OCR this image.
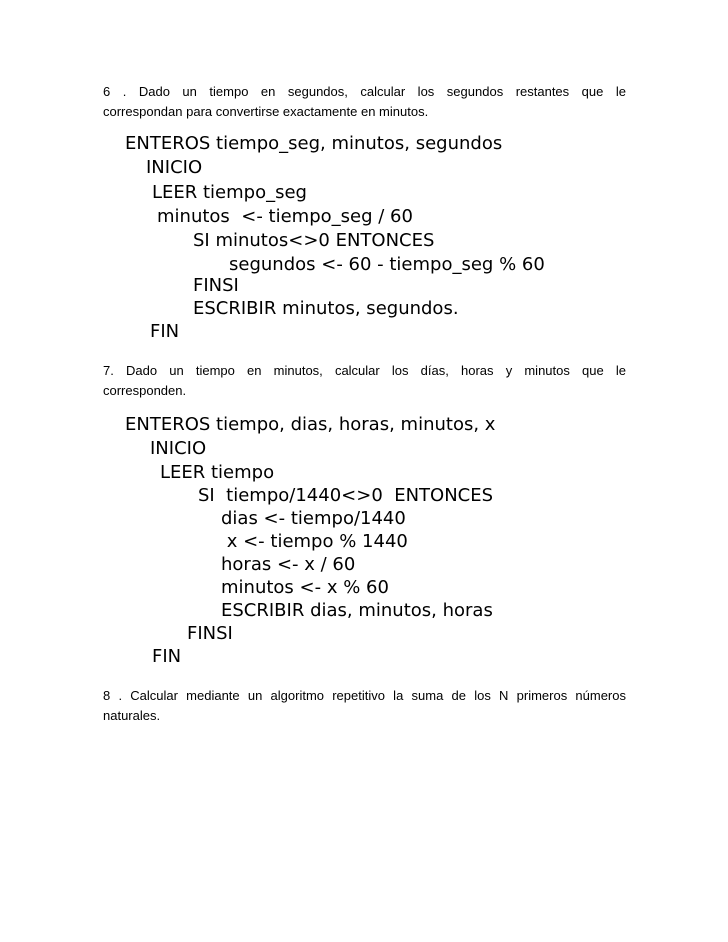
6 . Dado un tiempo en segundos, calcular los segundos restantes que le
correspondan para convertirse exactamente en minutos.
ENTEROS tiempo_seg, minutos, segundos
INICIO
LEER tiempo_seg
minutos  <- tiempo_seg / 60
SI minutos<>0 ENTONCES
segundos <- 60 - tiempo_seg % 60
FINSI
ESCRIBIR minutos, segundos.
FIN
7. Dado un tiempo en minutos, calcular los días, horas y minutos que le
corresponden.
ENTEROS tiempo, dias, horas, minutos, x
INICIO
LEER tiempo
SI  tiempo/1440<>0  ENTONCES
dias <- tiempo/1440
x <- tiempo % 1440
horas <- x / 60
minutos <- x % 60
ESCRIBIR dias, minutos, horas
FINSI
FIN
8 . Calcular mediante un algoritmo repetitivo la suma de los N primeros números
naturales.
